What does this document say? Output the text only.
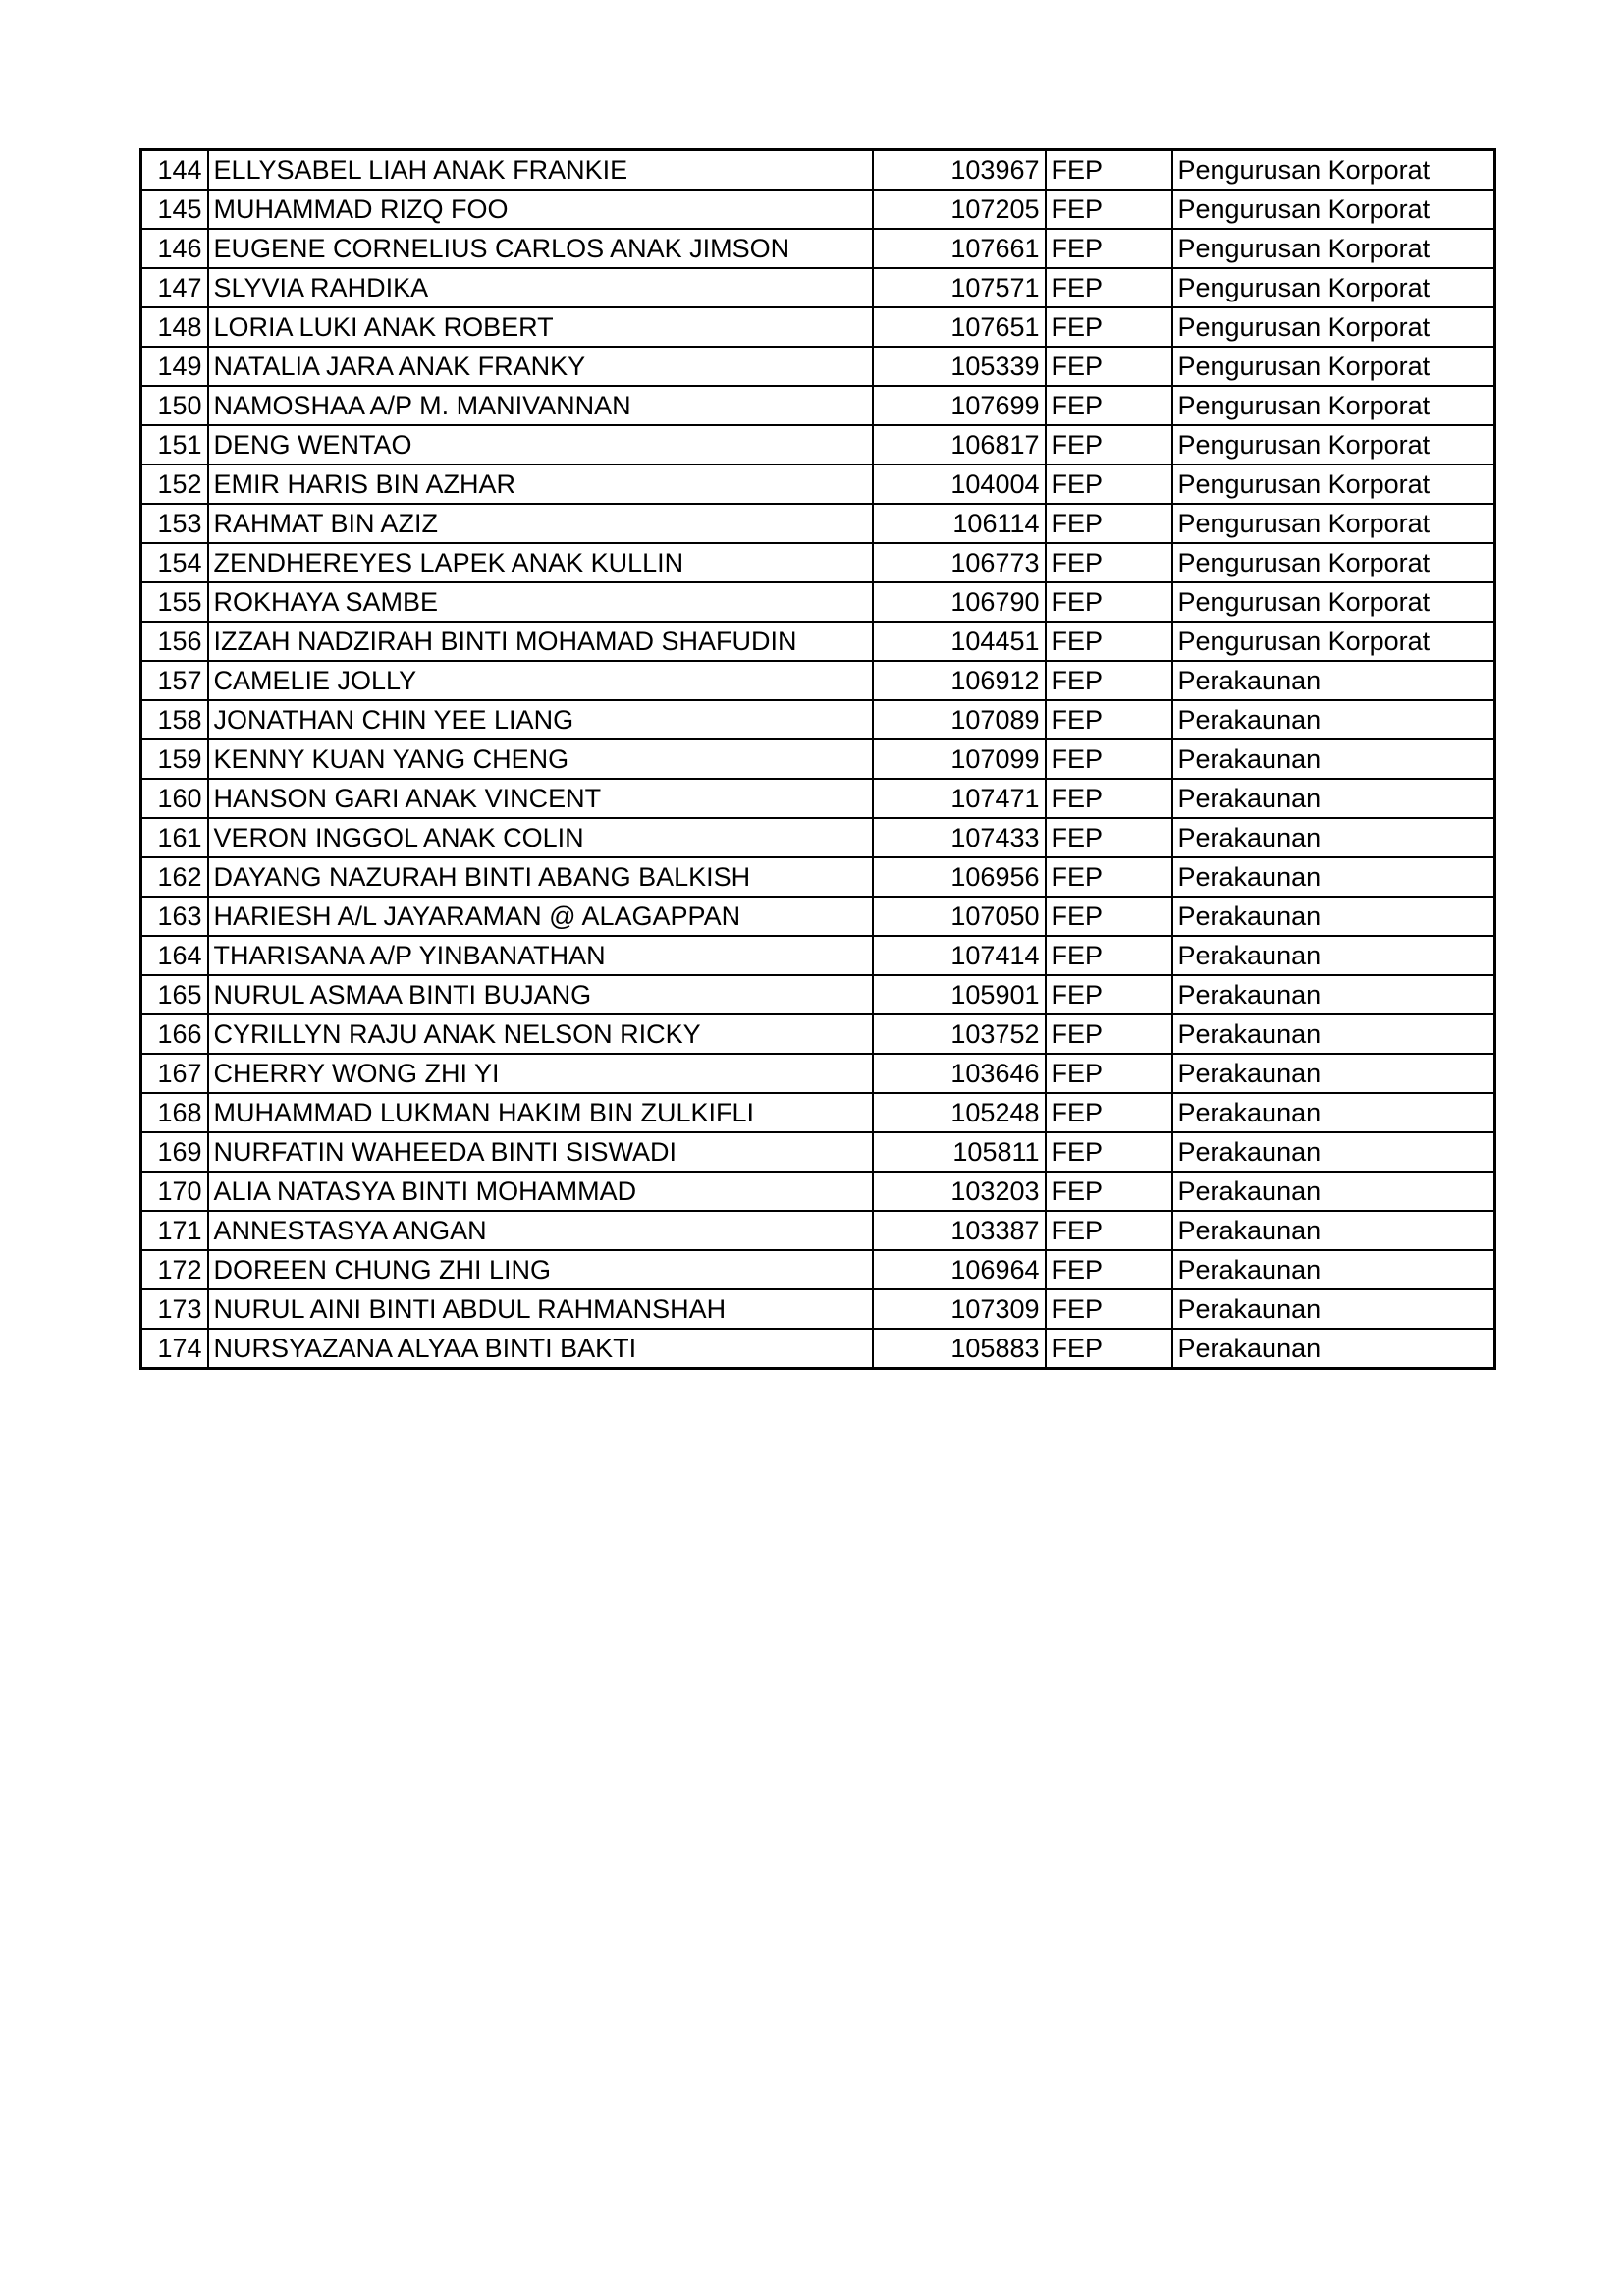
144	ELLYSABEL LIAH ANAK FRANKIE	103967	FEP	Pengurusan Korporat
145	MUHAMMAD RIZQ FOO	107205	FEP	Pengurusan Korporat
146	EUGENE CORNELIUS CARLOS ANAK JIMSON	107661	FEP	Pengurusan Korporat
147	SLYVIA RAHDIKA	107571	FEP	Pengurusan Korporat
148	LORIA LUKI ANAK ROBERT	107651	FEP	Pengurusan Korporat
149	NATALIA JARA ANAK FRANKY	105339	FEP	Pengurusan Korporat
150	NAMOSHAA A/P M. MANIVANNAN	107699	FEP	Pengurusan Korporat
151	DENG WENTAO	106817	FEP	Pengurusan Korporat
152	EMIR HARIS BIN AZHAR	104004	FEP	Pengurusan Korporat
153	RAHMAT BIN AZIZ	106114	FEP	Pengurusan Korporat
154	ZENDHEREYES LAPEK ANAK KULLIN	106773	FEP	Pengurusan Korporat
155	ROKHAYA SAMBE	106790	FEP	Pengurusan Korporat
156	IZZAH NADZIRAH BINTI MOHAMAD SHAFUDIN	104451	FEP	Pengurusan Korporat
157	CAMELIE JOLLY	106912	FEP	Perakaunan
158	JONATHAN CHIN YEE LIANG	107089	FEP	Perakaunan
159	KENNY KUAN YANG CHENG	107099	FEP	Perakaunan
160	HANSON GARI ANAK VINCENT	107471	FEP	Perakaunan
161	VERON INGGOL ANAK COLIN	107433	FEP	Perakaunan
162	DAYANG NAZURAH BINTI ABANG BALKISH	106956	FEP	Perakaunan
163	HARIESH A/L JAYARAMAN @ ALAGAPPAN	107050	FEP	Perakaunan
164	THARISANA A/P YINBANATHAN	107414	FEP	Perakaunan
165	NURUL ASMAA BINTI BUJANG	105901	FEP	Perakaunan
166	CYRILLYN RAJU ANAK NELSON RICKY	103752	FEP	Perakaunan
167	CHERRY WONG ZHI YI	103646	FEP	Perakaunan
168	MUHAMMAD LUKMAN HAKIM BIN ZULKIFLI	105248	FEP	Perakaunan
169	NURFATIN WAHEEDA BINTI SISWADI	105811	FEP	Perakaunan
170	ALIA NATASYA BINTI MOHAMMAD	103203	FEP	Perakaunan
171	ANNESTASYA ANGAN	103387	FEP	Perakaunan
172	DOREEN CHUNG ZHI LING	106964	FEP	Perakaunan
173	NURUL AINI BINTI ABDUL RAHMANSHAH	107309	FEP	Perakaunan
174	NURSYAZANA ALYAA BINTI BAKTI	105883	FEP	Perakaunan
